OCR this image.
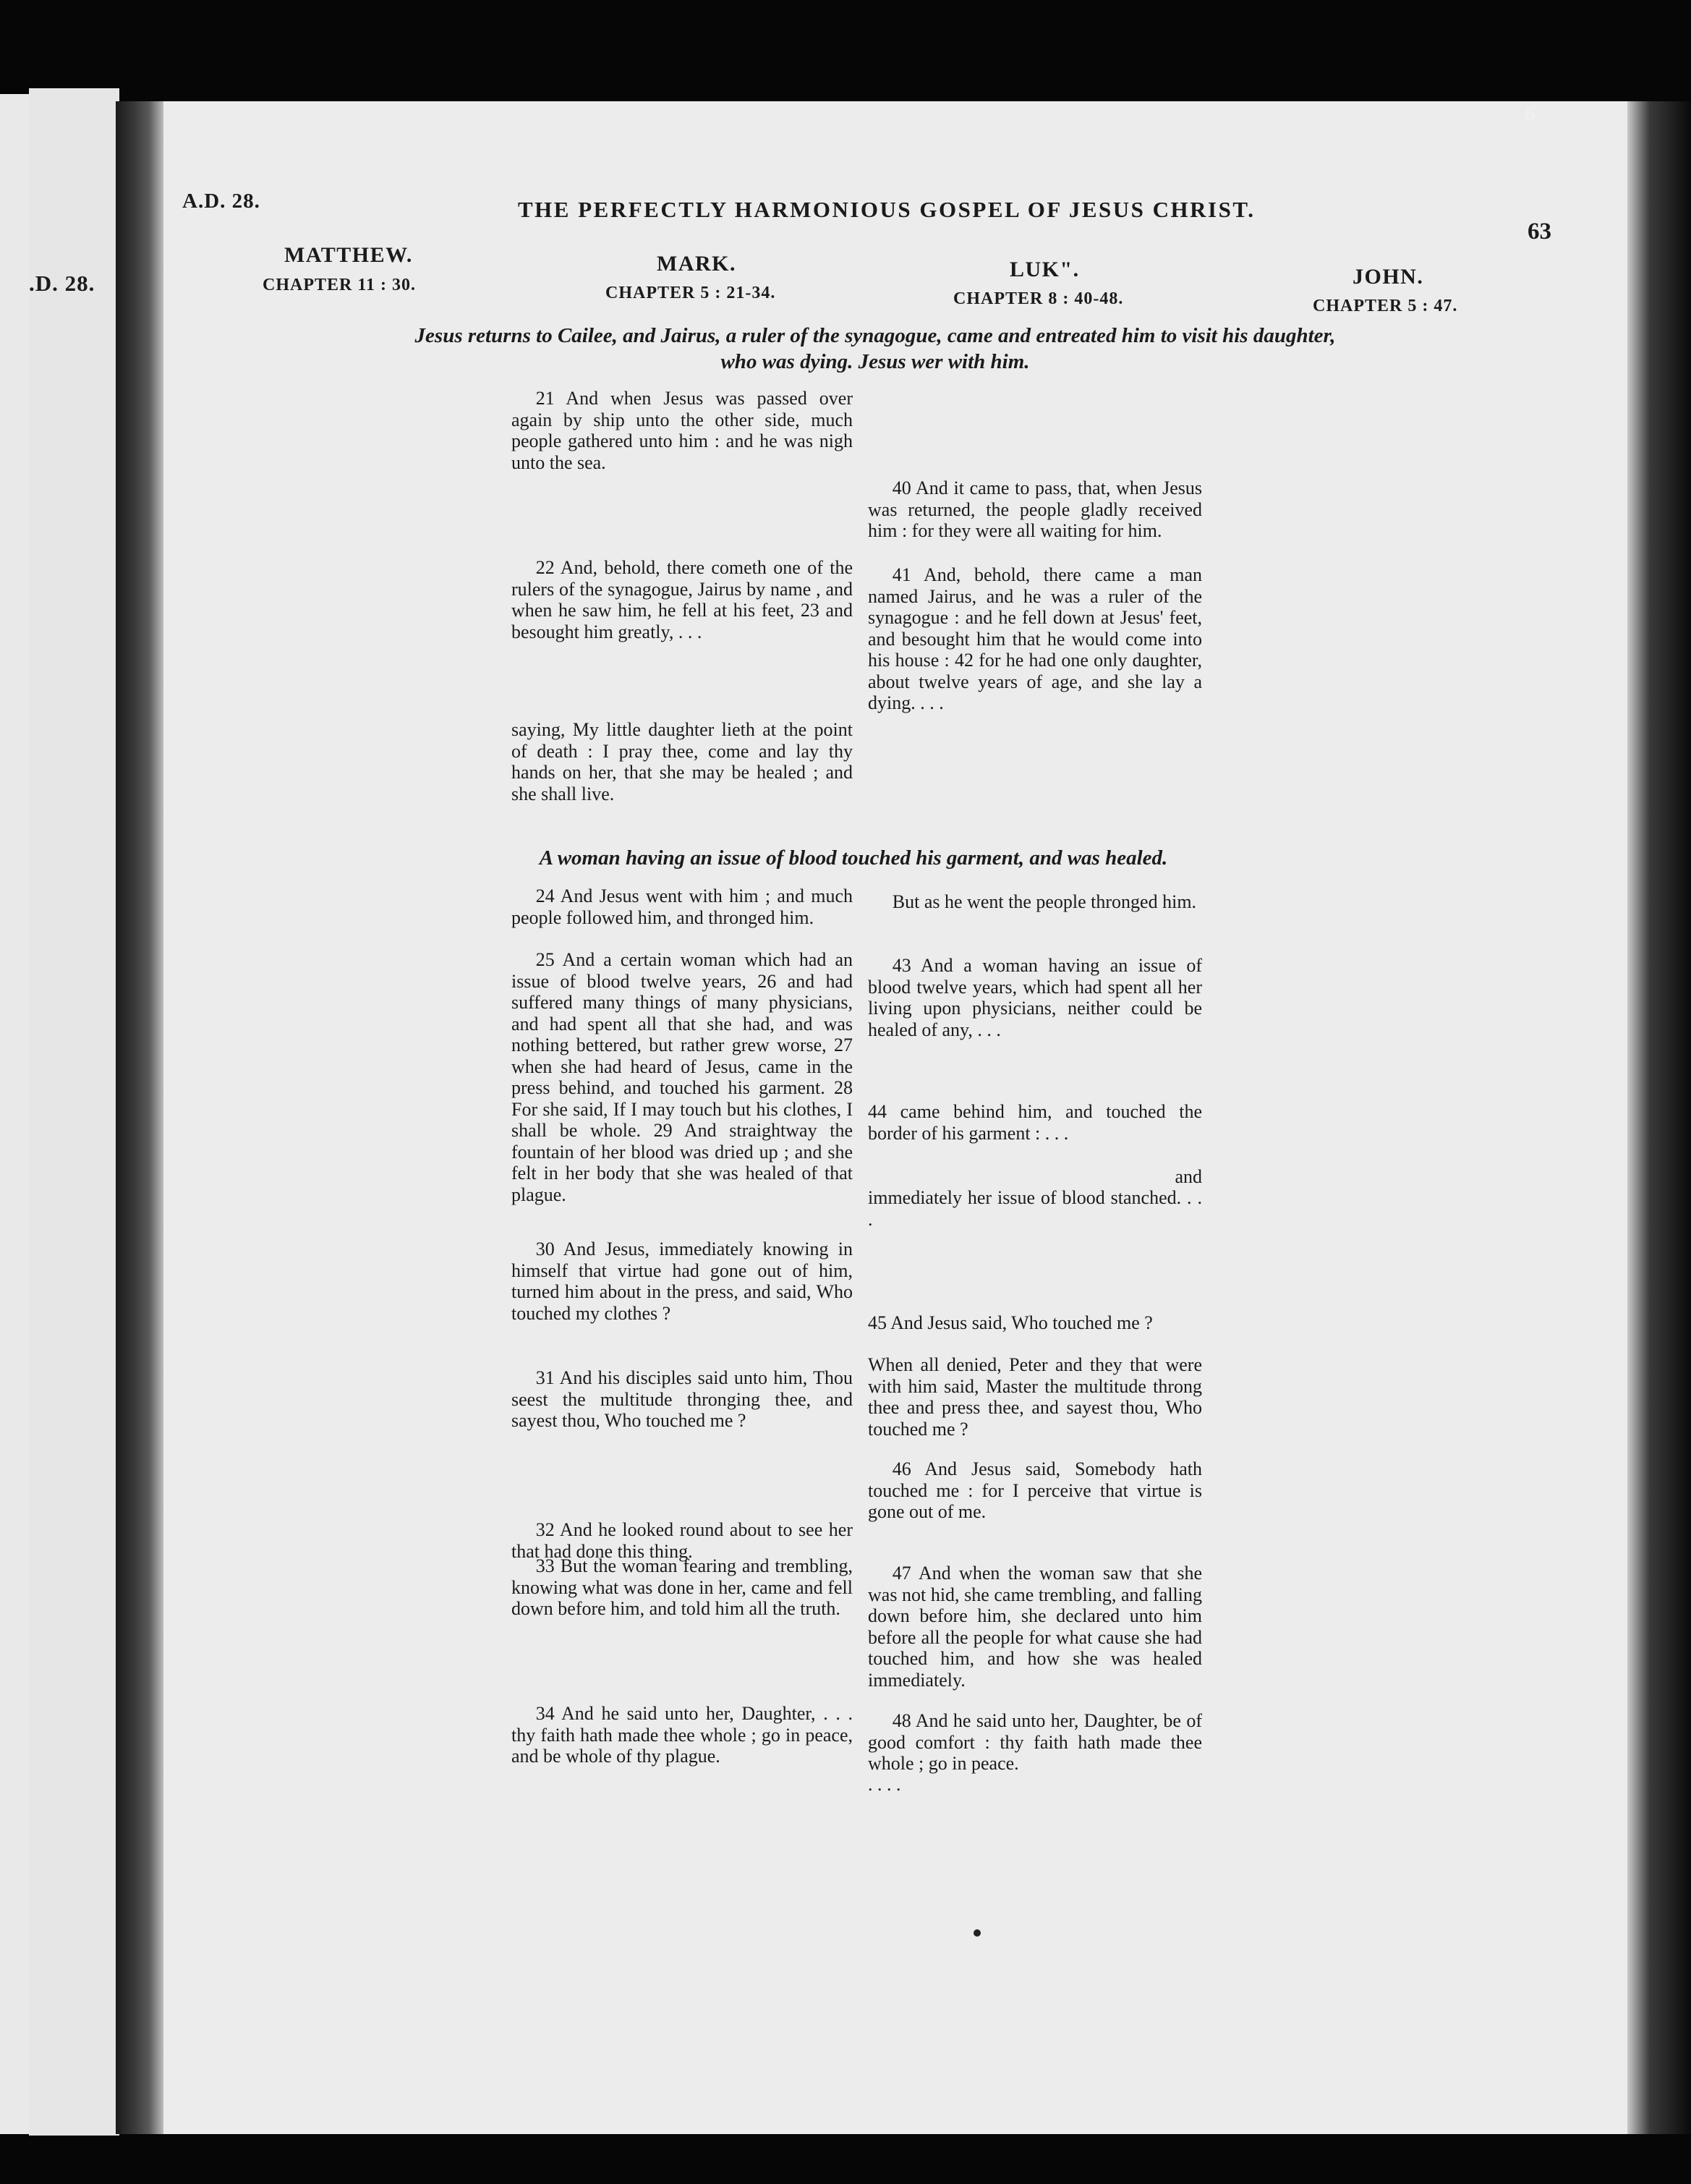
.D. 28.
6
A.D. 28.	THE PERFECTLY HARMONIOUS GOSPEL OF JESUS CHRIST.
63
MATTHEW.
CHAPTER 11 : 30.
MARK.
CHAPTER 5 : 21-34.
LUK".
CHAPTER 8 : 40-48.
JOHN.
CHAPTER 5 : 47.
Jesus returns to Cailee, and Jairus, a ruler of the synagogue, came and entreated him to visit his daughter,
who was dying. Jesus wer with him.

21 And when Jesus was passed over again by ship unto the other side, much people gathered unto him : and he was nigh unto the sea.

22 And, behold, there cometh one of the rulers of the synagogue, Jairus by name , and when he saw him, he fell at his feet, 23 and besought him greatly, . . .

saying, My little daughter lieth at the point of death : I pray thee, come and lay thy hands on her, that she may be healed ; and she shall live.

40 And it came to pass, that, when Jesus was returned, the people gladly received him : for they were all waiting for him.

41 And, behold, there came a man named Jairus, and he was a ruler of the synagogue : and he fell down at Jesus' feet, and besought him that he would come into his house : 42 for he had one only daughter, about twelve years of age, and she lay a dying. . . .

A woman having an issue of blood touched his garment, and was healed.

24 And Jesus went with him ; and much people followed him, and thronged him.

25 And a certain woman which had an issue of blood twelve years, 26 and had suffered many things of many physicians, and had spent all that she had, and was nothing bettered, but rather grew worse, 27 when she had heard of Jesus, came in the press behind, and touched his garment. 28 For she said, If I may touch but his clothes, I shall be whole. 29 And straightway the fountain of her blood was dried up ; and she felt in her body that she was healed of that plague.

30 And Jesus, immediately knowing in himself that virtue had gone out of him, turned him about in the press, and said, Who touched my clothes ?

31 And his disciples said unto him, Thou seest the multitude thronging thee, and sayest thou, Who touched me ?

32 And he looked round about to see her that had done this thing.

33 But the woman fearing and trembling, knowing what was done in her, came and fell down before him, and told him all the truth.

34 And he said unto her, Daughter, . . . thy faith hath made thee whole ; go in peace, and be whole of thy plague.

But as he went the people thronged him.

43 And a woman having an issue of blood twelve years, which had spent all her living upon physicians, neither could be healed of any, . . .

44 came behind him, and touched the border of his garment : . . .

and

immediately her issue of blood stanched. . . .

45 And Jesus said, Who touched me ?

When all denied, Peter and they that were with him said, Master the multitude throng thee and press thee, and sayest thou, Who touched me ?

46 And Jesus said, Somebody hath touched me : for I perceive that virtue is gone out of me.

47 And when the woman saw that she was not hid, she came trembling, and falling down before him, she declared unto him before all the people for what cause she had touched him, and how she was healed immediately.

48 And he said unto her, Daughter, be of good comfort : thy faith hath made thee whole ; go in peace.

. . . .
